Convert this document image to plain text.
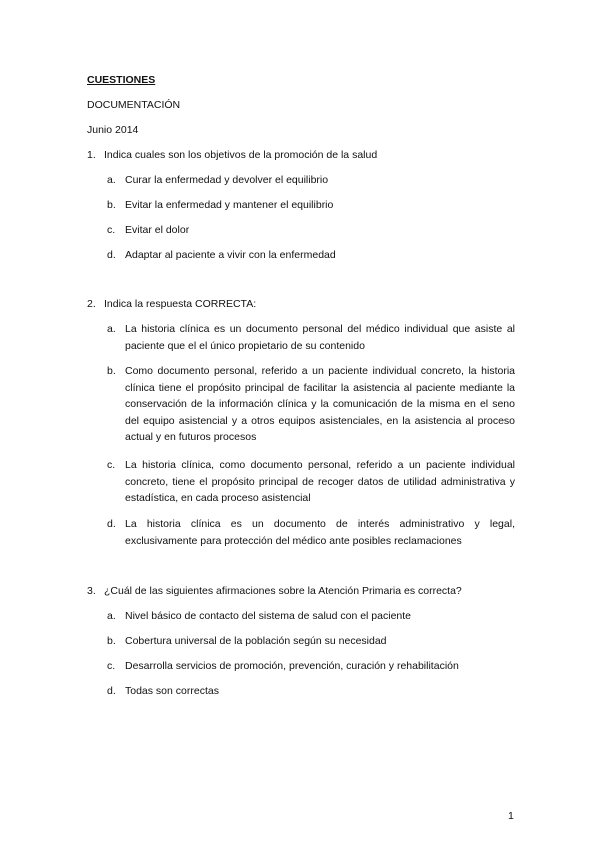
CUESTIONES
DOCUMENTACIÓN
Junio 2014
1. Indica cuales son los objetivos de la promoción de la salud
a. Curar la enfermedad y devolver el equilibrio
b. Evitar la enfermedad y mantener el equilibrio
c. Evitar el dolor
d. Adaptar al paciente a vivir con la enfermedad
2. Indica la respuesta CORRECTA:
a. La historia clínica es un documento personal del médico individual que asiste al paciente que el el único propietario de su contenido
b. Como documento personal, referido a un paciente individual concreto, la historia clínica tiene el propósito principal de facilitar la asistencia al paciente mediante la conservación de la información clínica y la comunicación de la misma en el seno del equipo asistencial y a otros equipos asistenciales, en la asistencia al proceso actual y en futuros procesos
c. La historia clínica, como documento personal, referido a un paciente individual concreto, tiene el propósito principal de recoger datos de utilidad administrativa y estadística, en cada proceso asistencial
d. La historia clínica es un documento de interés administrativo y legal, exclusivamente para protección del médico ante posibles reclamaciones
3. ¿Cuál de las siguientes afirmaciones sobre la Atención Primaria es correcta?
a. Nivel básico de contacto del sistema de salud con el paciente
b. Cobertura universal de la población según su necesidad
c. Desarrolla servicios de promoción, prevención, curación y rehabilitación
d. Todas son correctas
1
